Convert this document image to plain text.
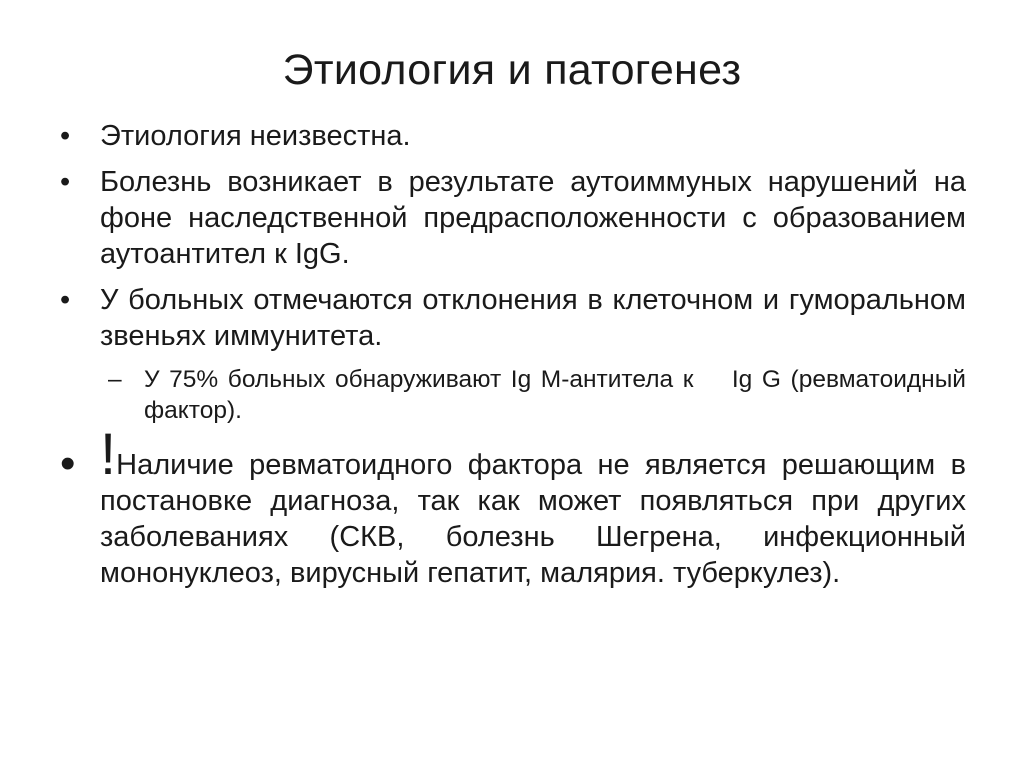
Этиология и патогенез
• Этиология неизвестна.
• Болезнь возникает в результате аутоиммуных нарушений на фоне наследственной предрасположенности с образованием аутоантител к IgG.
• У больных отмечаются отклонения в клеточном и гуморальном звеньях иммунитета.
– У 75% больных обнаруживают Ig M-антитела к    Ig G (ревматоидный фактор).
• !Наличие ревматоидного фактора не является решающим в постановке диагноза, так как может появляться при других заболеваниях (СКВ, болезнь Шегрена, инфекционный мононуклеоз, вирусный гепатит, малярия. туберкулез).
